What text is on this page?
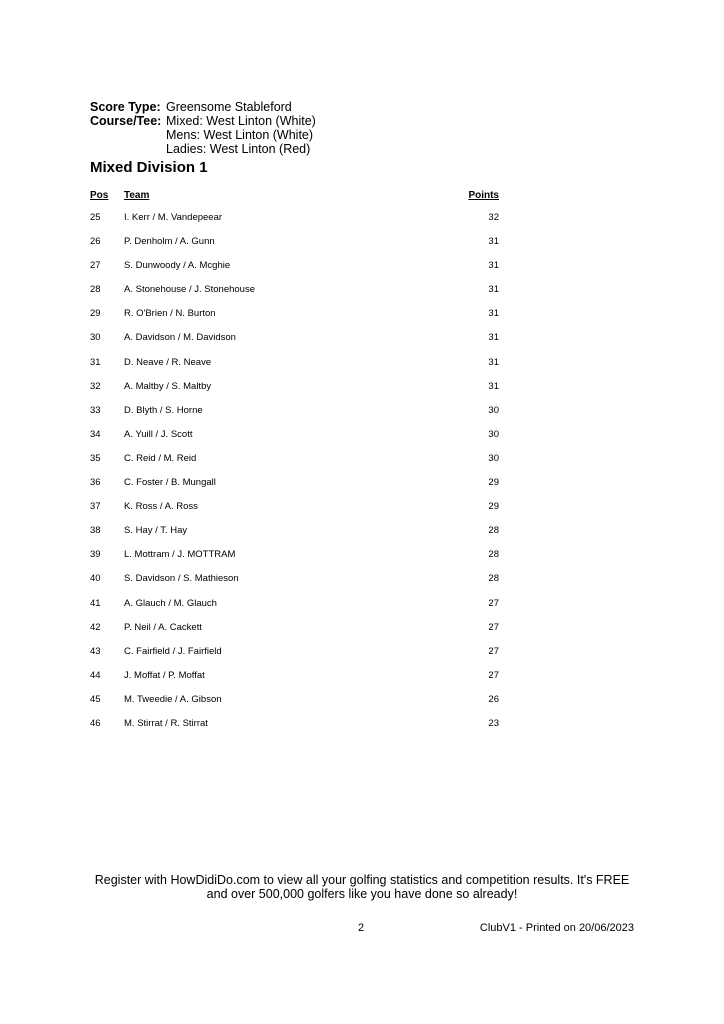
Score Type: Greensome Stableford
Course/Tee: Mixed: West Linton (White)
Mens: West Linton (White)
Ladies: West Linton (Red)
Mixed Division 1
Pos Team	Points
25 I. Kerr / M. Vandepeear	32
26 P. Denholm / A. Gunn	31
27 S. Dunwoody / A. Mcghie	31
28 A. Stonehouse / J. Stonehouse	31
29 R. O'Brien / N. Burton	31
30 A. Davidson / M. Davidson	31
31 D. Neave / R. Neave	31
32 A. Maltby / S. Maltby	31
33 D. Blyth / S. Horne	30
34 A. Yuill / J. Scott	30
35 C. Reid / M. Reid	30
36 C. Foster / B. Mungall	29
37 K. Ross / A. Ross	29
38 S. Hay / T. Hay	28
39 L. Mottram / J. MOTTRAM	28
40 S. Davidson / S. Mathieson	28
41 A. Glauch / M. Glauch	27
42 P. Neil / A. Cackett	27
43 C. Fairfield / J. Fairfield	27
44 J. Moffat / P. Moffat	27
45 M. Tweedie / A. Gibson	26
46 M. Stirrat / R. Stirrat	23
Register with HowDidiDo.com to view all your golfing statistics and competition results. It's FREE
and over 500,000 golfers like you have done so already!
2	ClubV1 - Printed on 20/06/2023
